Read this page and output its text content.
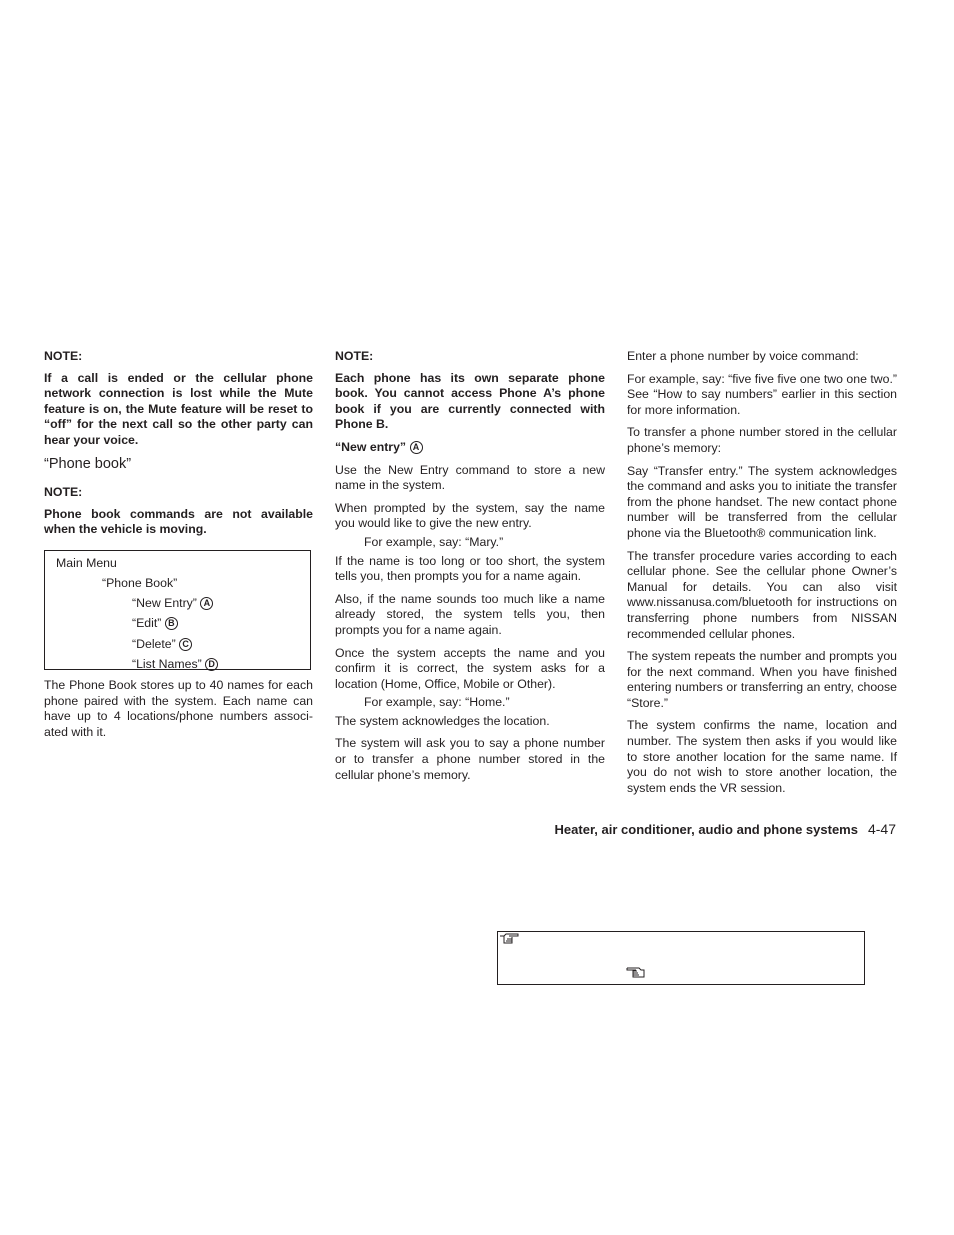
NOTE:

If a call is ended or the cellular phone network connection is lost while the Mute feature is on, the Mute feature will be reset to “off” for the next call so the other party can hear your voice.

“Phone book”
NOTE:

Phone book commands are not available when the vehicle is moving.

Main Menu
“Phone Book”
“New Entry” A
“Edit” B
“Delete” C
“List Names” D

The Phone Book stores up to 40 names for each phone paired with the system. Each name can have up to 4 locations/phone numbers associ-ated with it.

NOTE:

Each phone has its own separate phone book. You cannot access Phone A’s phone book if you are currently connected with Phone B.

“New entry” A

Use the New Entry command to store a new name in the system.

When prompted by the system, say the name you would like to give the new entry.

For example, say: “Mary.”

If the name is too long or too short, the system tells you, then prompts you for a name again.

Also, if the name sounds too much like a name already stored, the system tells you, then prompts you for a name again.

Once the system accepts the name and you confirm it is correct, the system asks for a location (Home, Office, Mobile or Other).

For example, say: “Home.”

The system acknowledges the location.

The system will ask you to say a phone number or to transfer a phone number stored in the cellular phone’s memory.

Enter a phone number by voice command:

For example, say: “five five five one two one two.” See “How to say numbers” earlier in this section for more information.

To transfer a phone number stored in the cellular phone’s memory:

Say “Transfer entry.” The system acknowledges the command and asks you to initiate the transfer from the phone handset. The new contact phone number will be transferred from the cellular phone via the Bluetooth® communication link.

The transfer procedure varies according to each cellular phone. See the cellular phone Owner’s Manual for details. You can also visit www.nissanusa.com/bluetooth for instructions on transferring phone numbers from NISSAN recommended cellular phones.

The system repeats the number and prompts you for the next command. When you have finished entering numbers or transferring an entry, choose “Store.”

The system confirms the name, location and number. The system then asks if you would like to store another location for the same name. If you do not wish to store another location, the system ends the VR session.

Heater, air conditioner, audio and phone systems 4-47
